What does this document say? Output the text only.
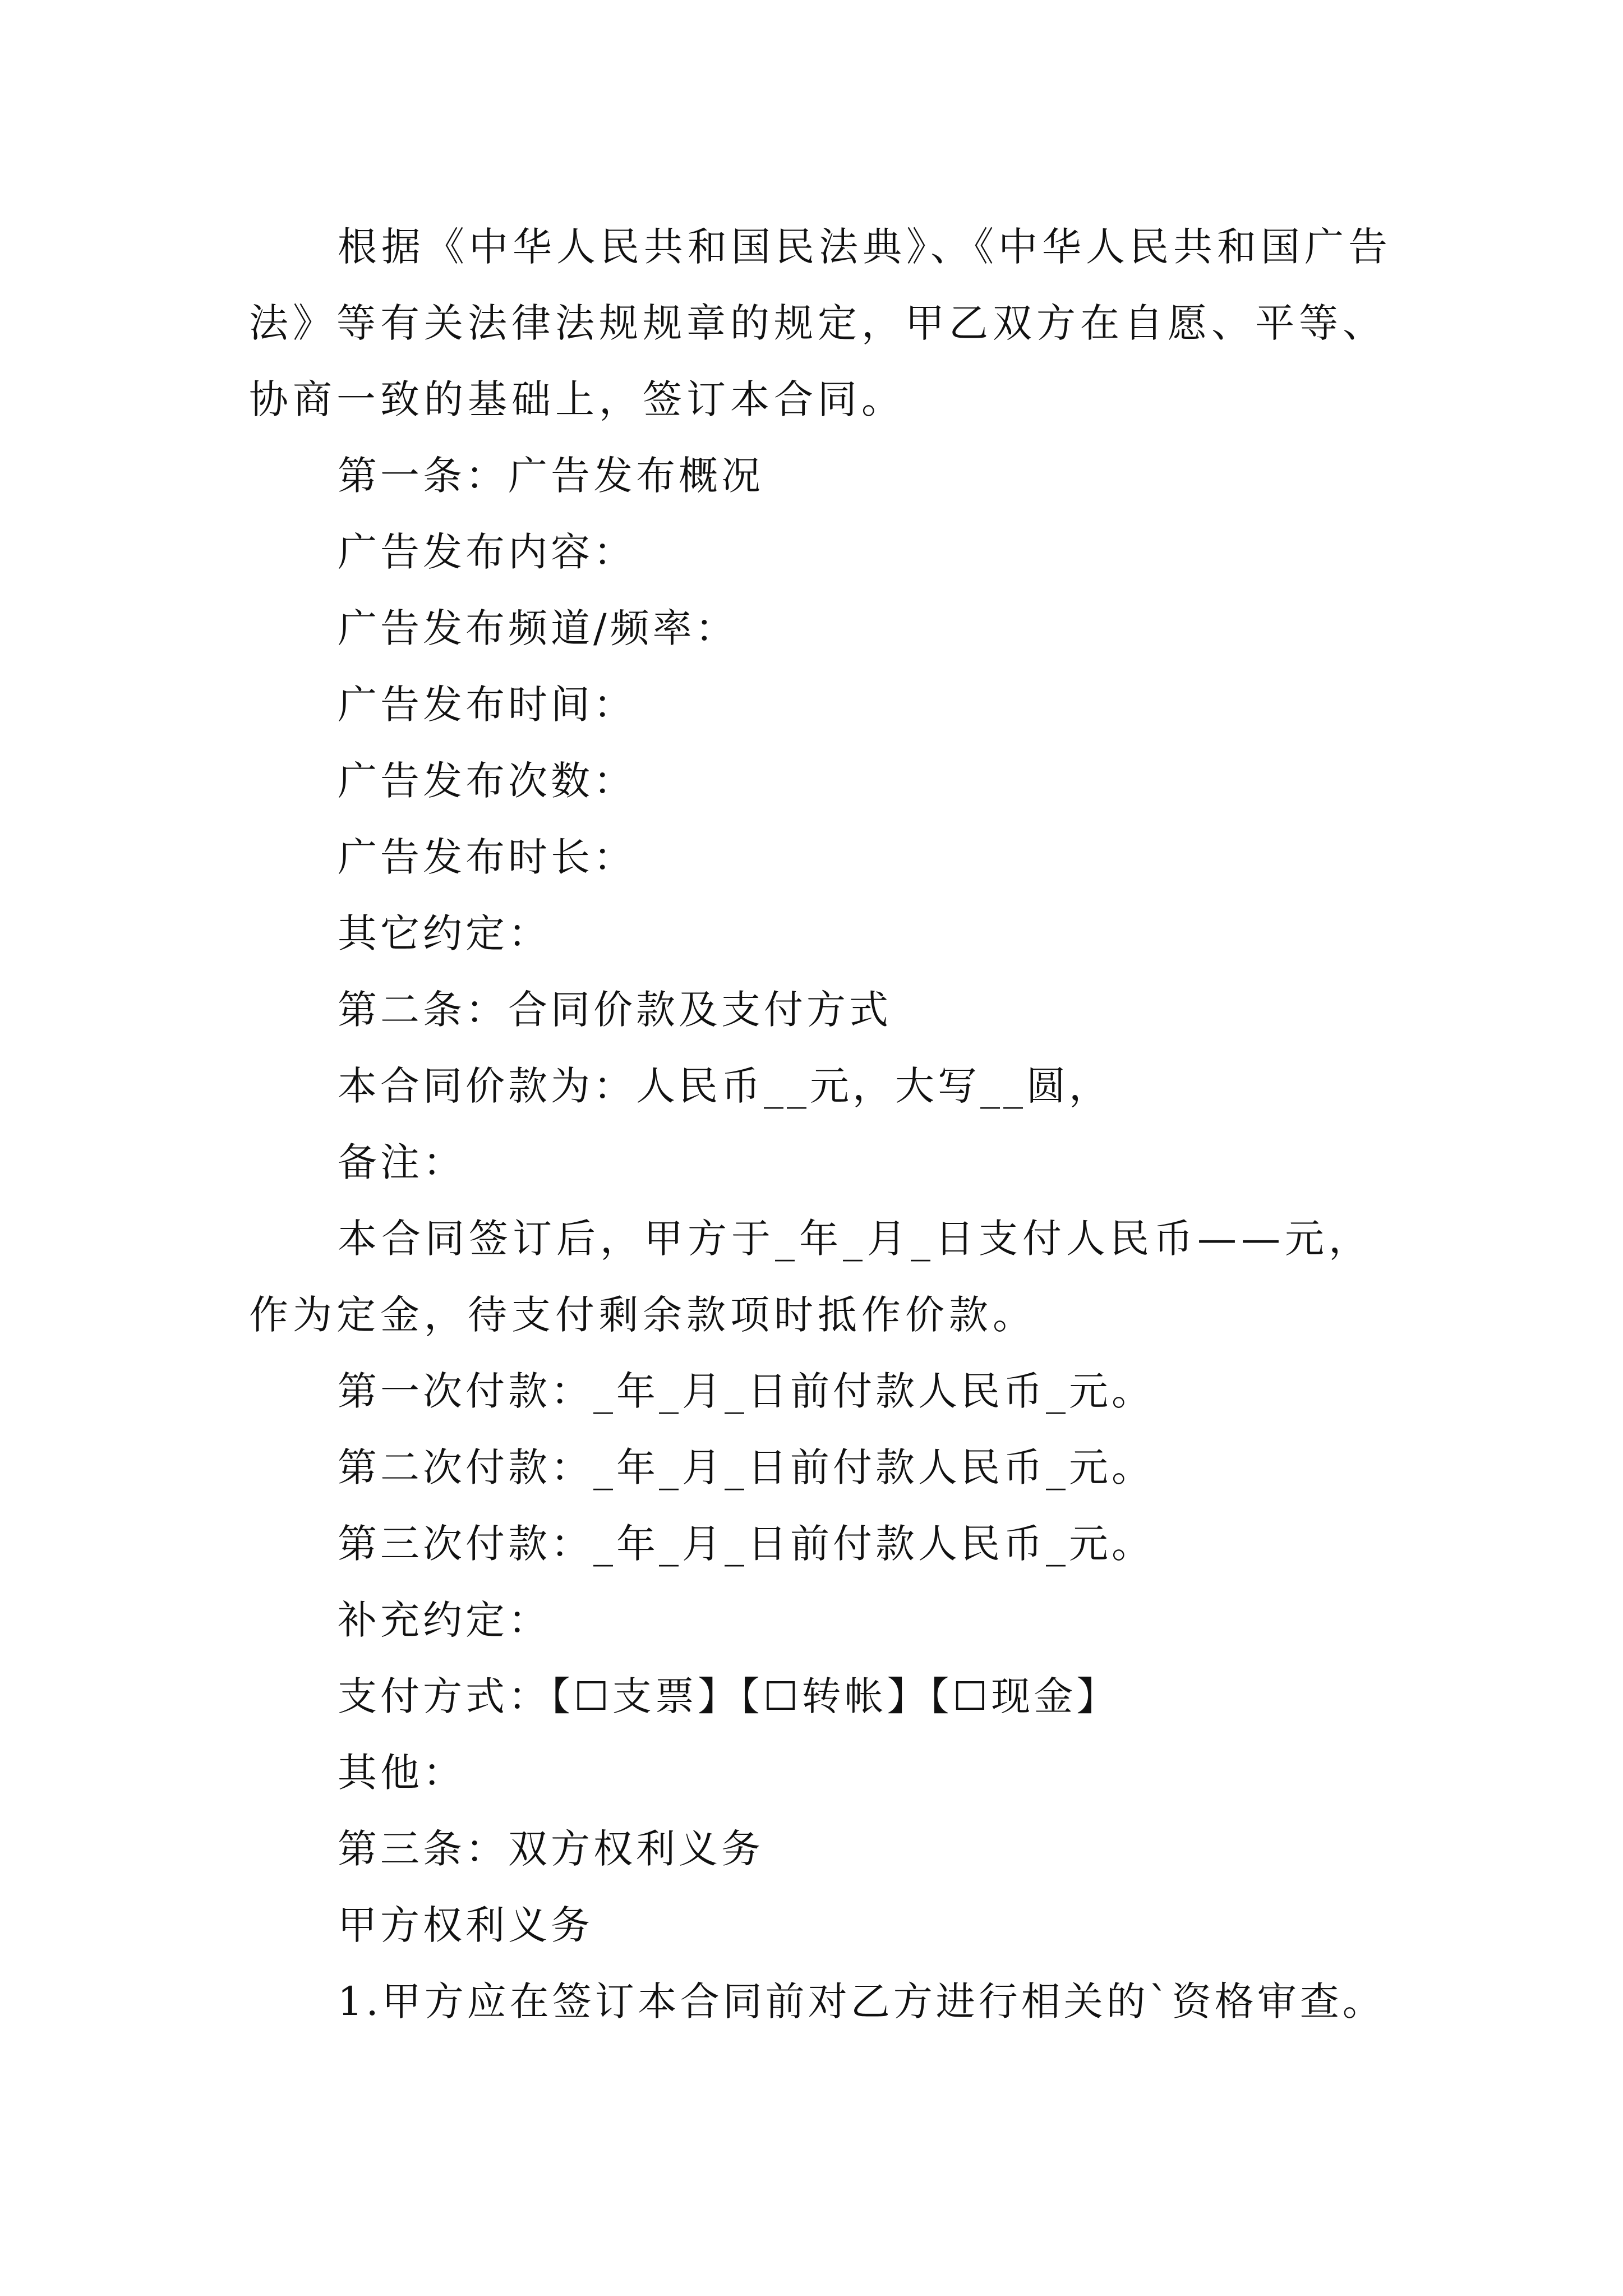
根据《中华人民共和国民法典》、《中华人民共和国广告法》等有关法律法规规章的规定，甲乙双方在自愿、平等、协商一致的基础上，签订本合同。

第一条：广告发布概况

广告发布内容：

广告发布频道/频率：

广告发布时间：

广告发布次数：

广告发布时长：

其它约定：

第二条：合同价款及支付方式

本合同价款为：人民币__元，大写__圆，

备注：

本合同签订后，甲方于_年_月_日支付人民币——元，作为定金，待支付剩余款项时抵作价款。

第一次付款：_年_月_日前付款人民币_元。

第二次付款：_年_月_日前付款人民币_元。

第三次付款：_年_月_日前付款人民币_元。

补充约定：

支付方式：【☐支票】【☐转帐】【☐现金】

其他：

第三条：双方权利义务

甲方权利义务

1.甲方应在签订本合同前对乙方进行相关的`资格审查。
